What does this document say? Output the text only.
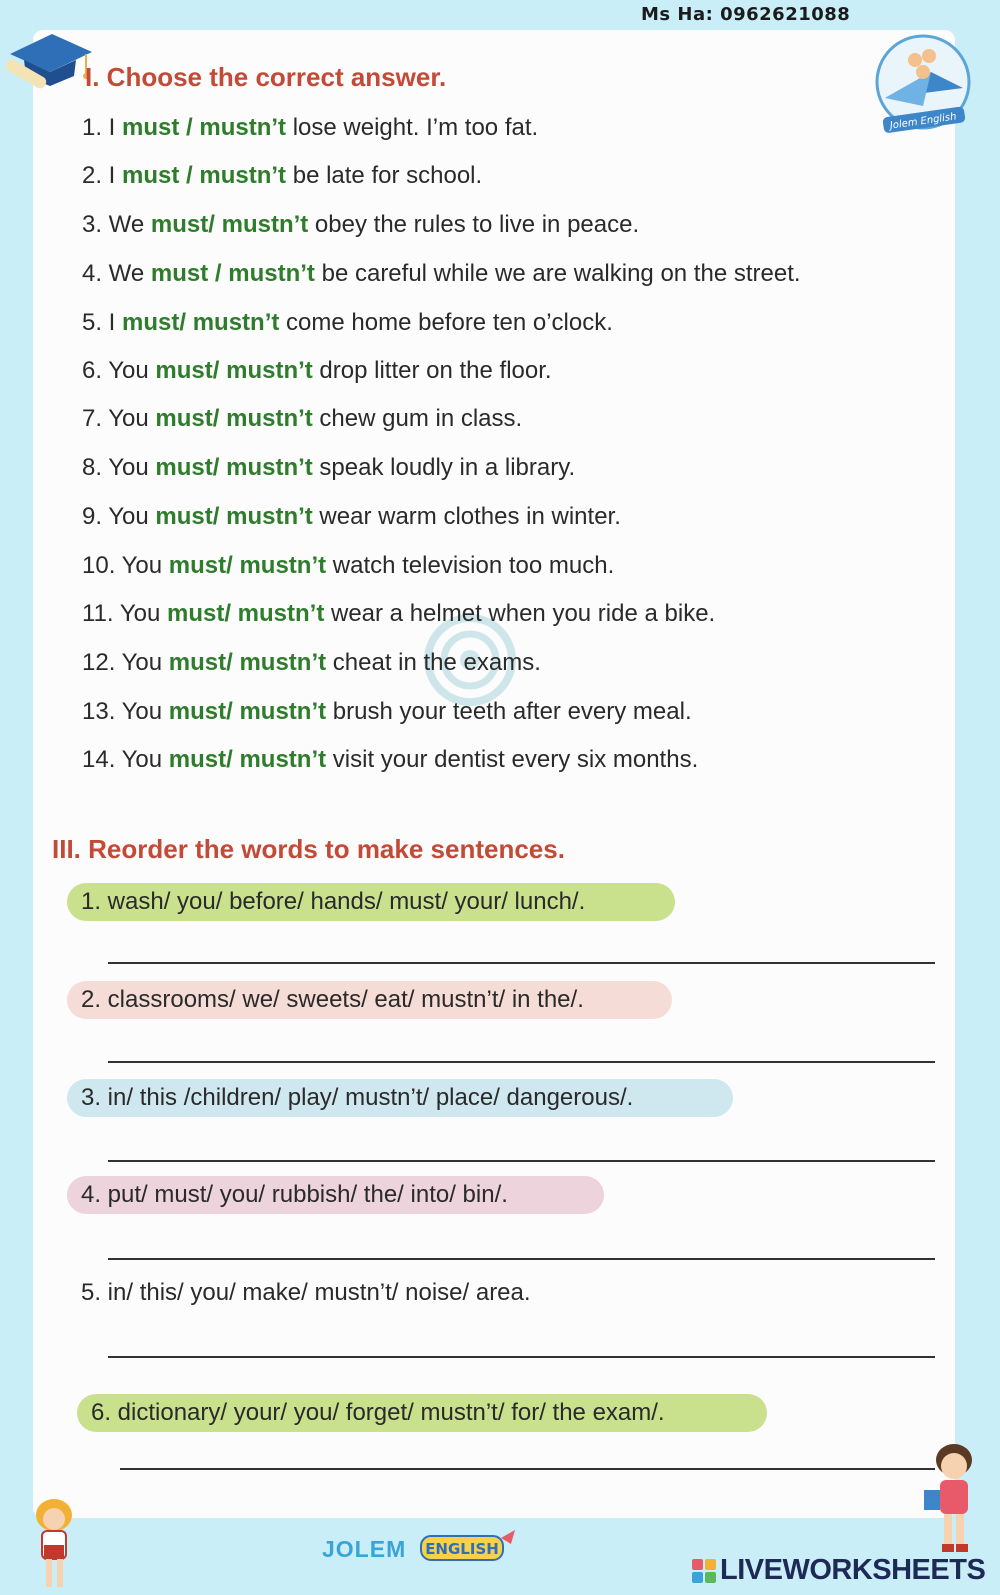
Ms Ha: 0962621088
Jolem English
I. Choose the correct answer.
1. I must / mustn’t lose weight. I’m too fat.
2. I must / mustn’t be late for school.
3. We must/ mustn’t obey the rules to live in peace.
4. We must / mustn’t be careful while we are walking on the street.
5. I must/ mustn’t come home before ten o’clock.
6. You must/ mustn’t drop litter on the floor.
7. You must/ mustn’t chew gum in class.
8. You must/ mustn’t speak loudly in a library.
9. You must/ mustn’t wear warm clothes in winter.
10. You must/ mustn’t watch television too much.
11. You must/ mustn’t wear a helmet when you ride a bike.
12. You must/ mustn’t cheat in the exams.
13. You must/ mustn’t brush your teeth after every meal.
14. You must/ mustn’t visit your dentist every six months.
III. Reorder the words to make sentences.
1. wash/ you/ before/ hands/ must/ your/ lunch/.
2. classrooms/ we/ sweets/ eat/ mustn’t/ in the/.
3. in/ this /children/ play/ mustn’t/ place/ dangerous/.
4. put/ must/ you/ rubbish/ the/ into/ bin/.
5. in/ this/ you/ make/ mustn’t/ noise/ area.
6. dictionary/ your/ you/ forget/ mustn’t/ for/ the exam/.
JOLEM ENGLISH
LIVEWORKSHEETS
